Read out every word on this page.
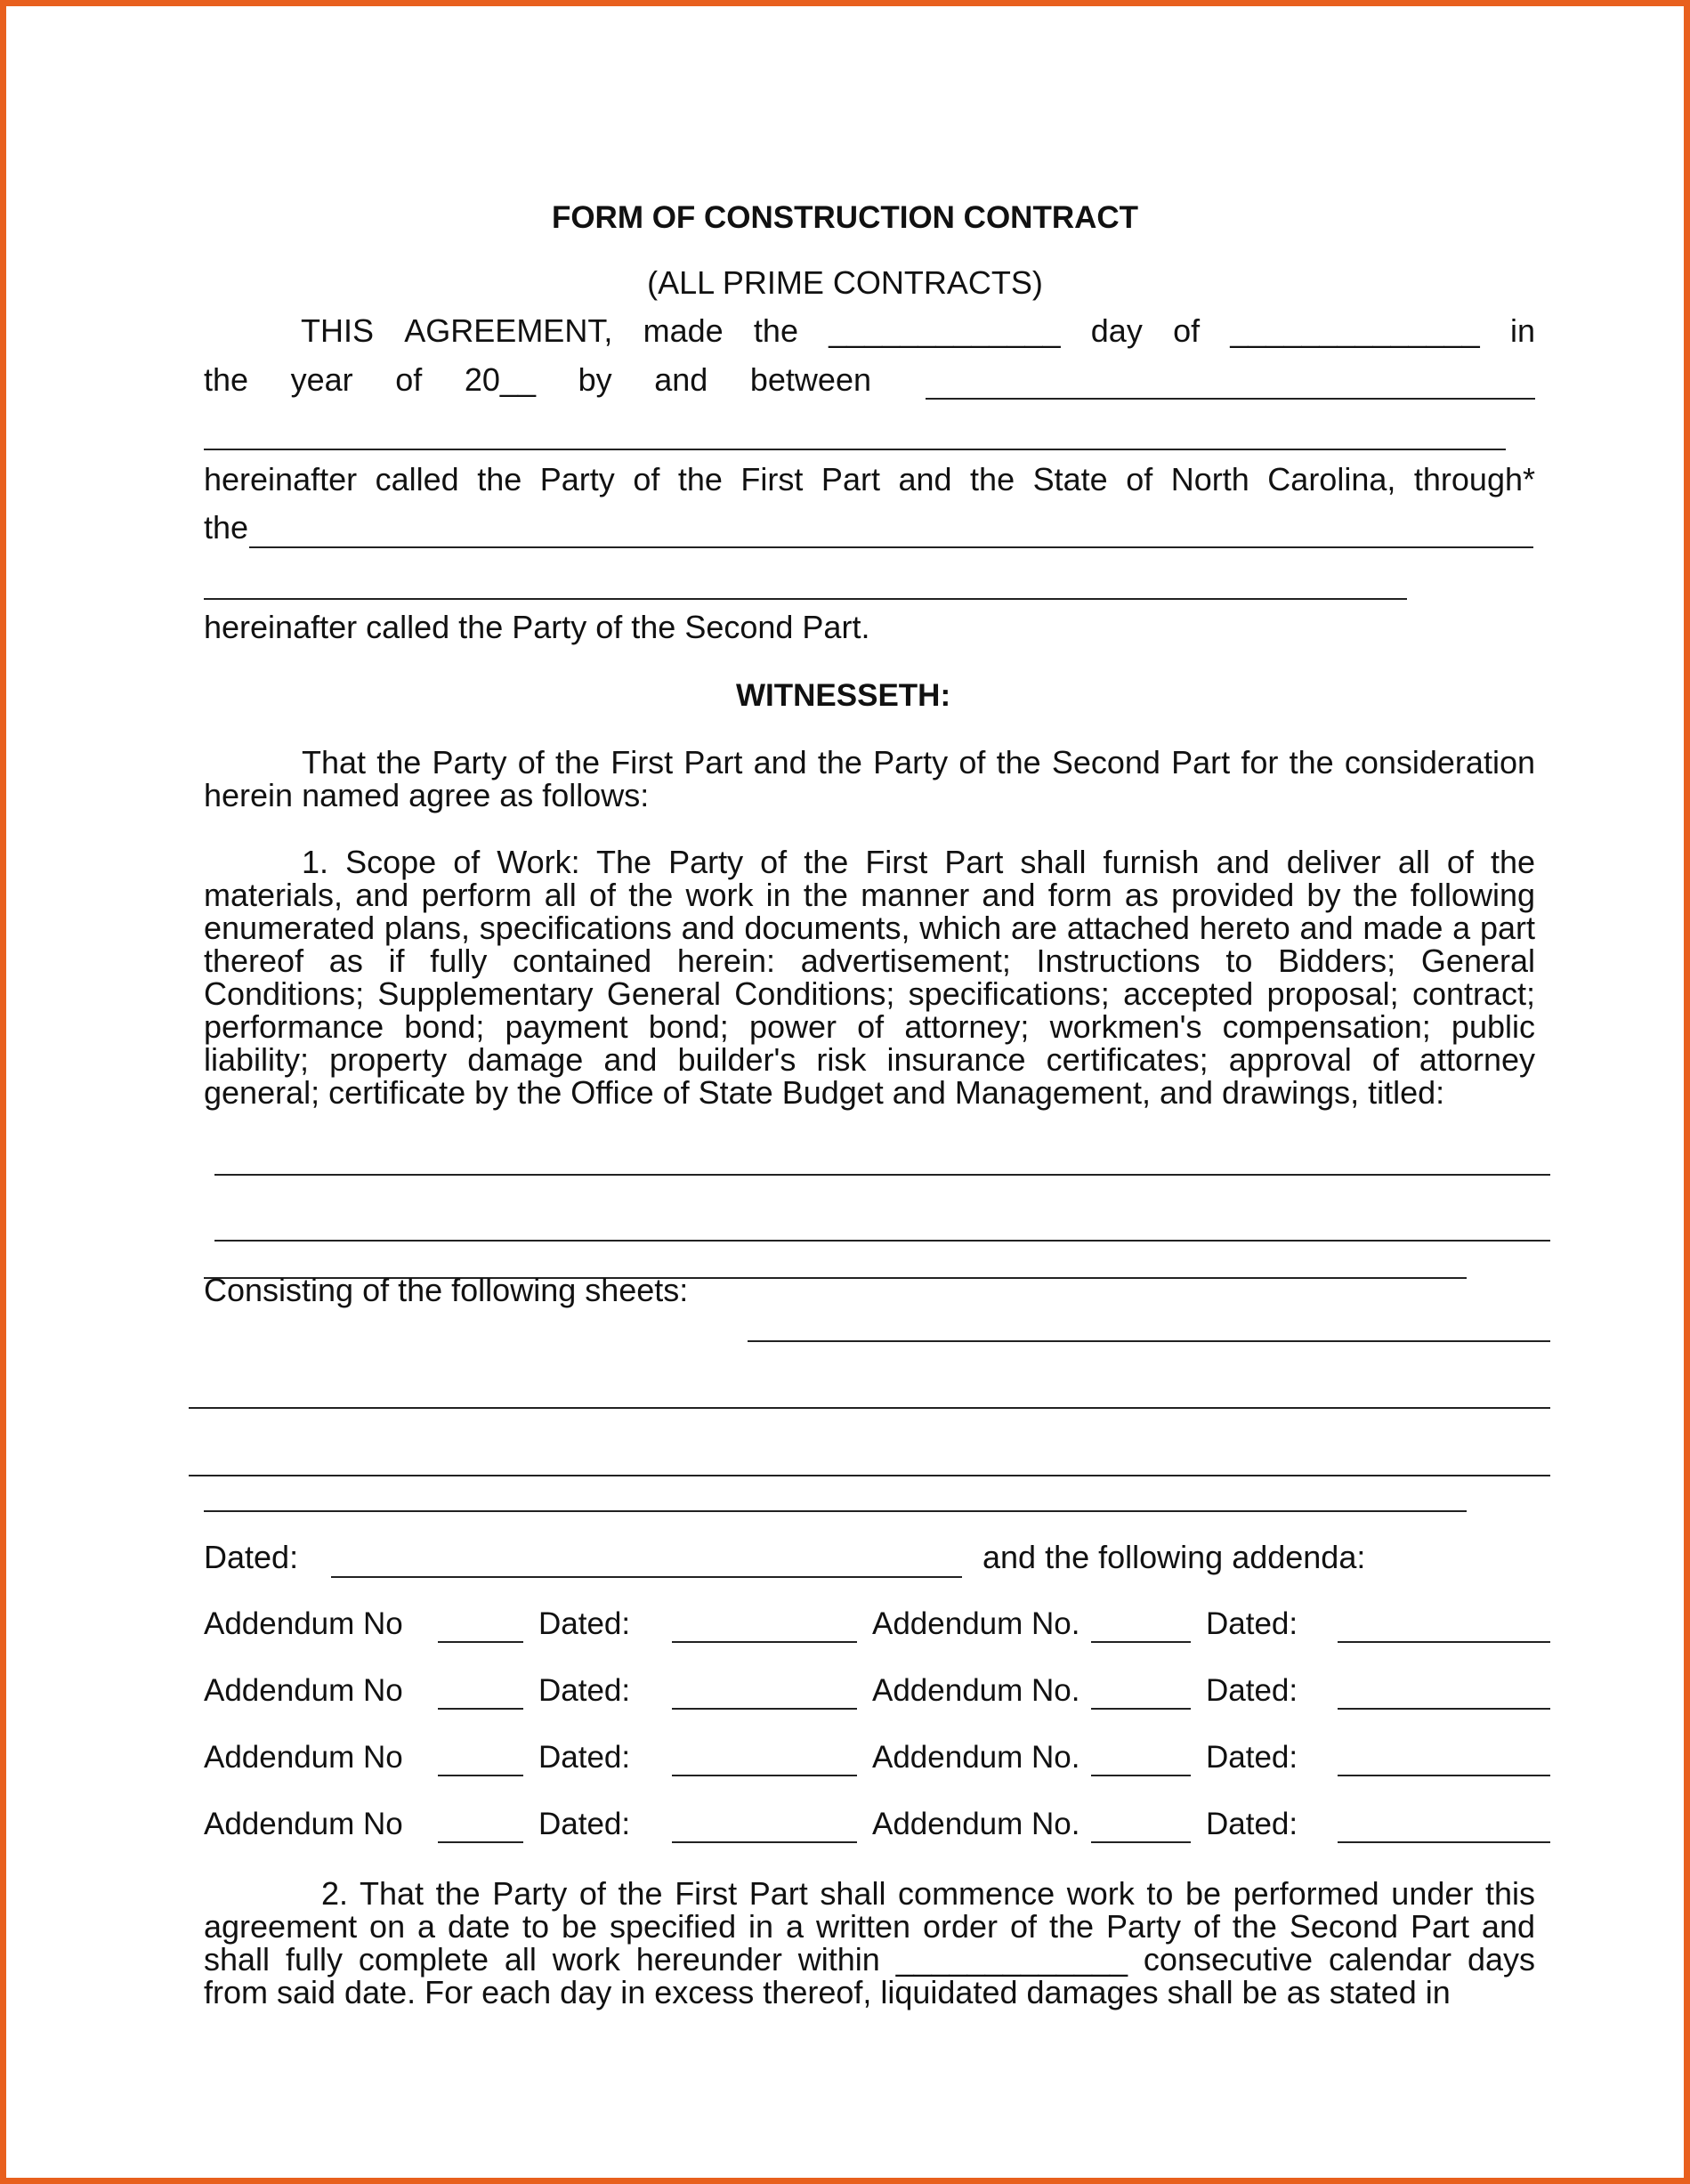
FORM OF CONSTRUCTION CONTRACT
(ALL PRIME CONTRACTS)
THIS AGREEMENT, made the _____________ day of ______________ in
the year of 20__ by and between
hereinafter called the Party of the First Part and the State of North Carolina, through*
the
hereinafter called the Party of the Second Part.
WITNESSETH:
That the Party of the First Part and the Party of the Second Part for the consideration herein named agree as follows:
1. Scope of Work: The Party of the First Part shall furnish and deliver all of the materials, and perform all of the work in the manner and form as provided by the following enumerated plans, specifications and documents, which are attached hereto and made a part thereof as if fully contained herein: advertisement; Instructions to Bidders; General Conditions; Supplementary General Conditions; specifications; accepted proposal; contract; performance bond; payment bond; power of attorney; workmen's compensation; public liability; property damage and builder's risk insurance certificates; approval of attorney general; certificate by the Office of State Budget and Management, and drawings, titled:
Consisting of the following sheets:
Dated:	and the following addenda:
Addendum No	Dated:	Addendum No.	Dated:
Addendum No	Dated:	Addendum No.	Dated:
Addendum No	Dated:	Addendum No.	Dated:
Addendum No	Dated:	Addendum No.	Dated:
2. That the Party of the First Part shall commence work to be performed under this agreement on a date to be specified in a written order of the Party of the Second Part and shall fully complete all work hereunder within _____________ consecutive calendar days from said date. For each day in excess thereof, liquidated damages shall be as stated in
